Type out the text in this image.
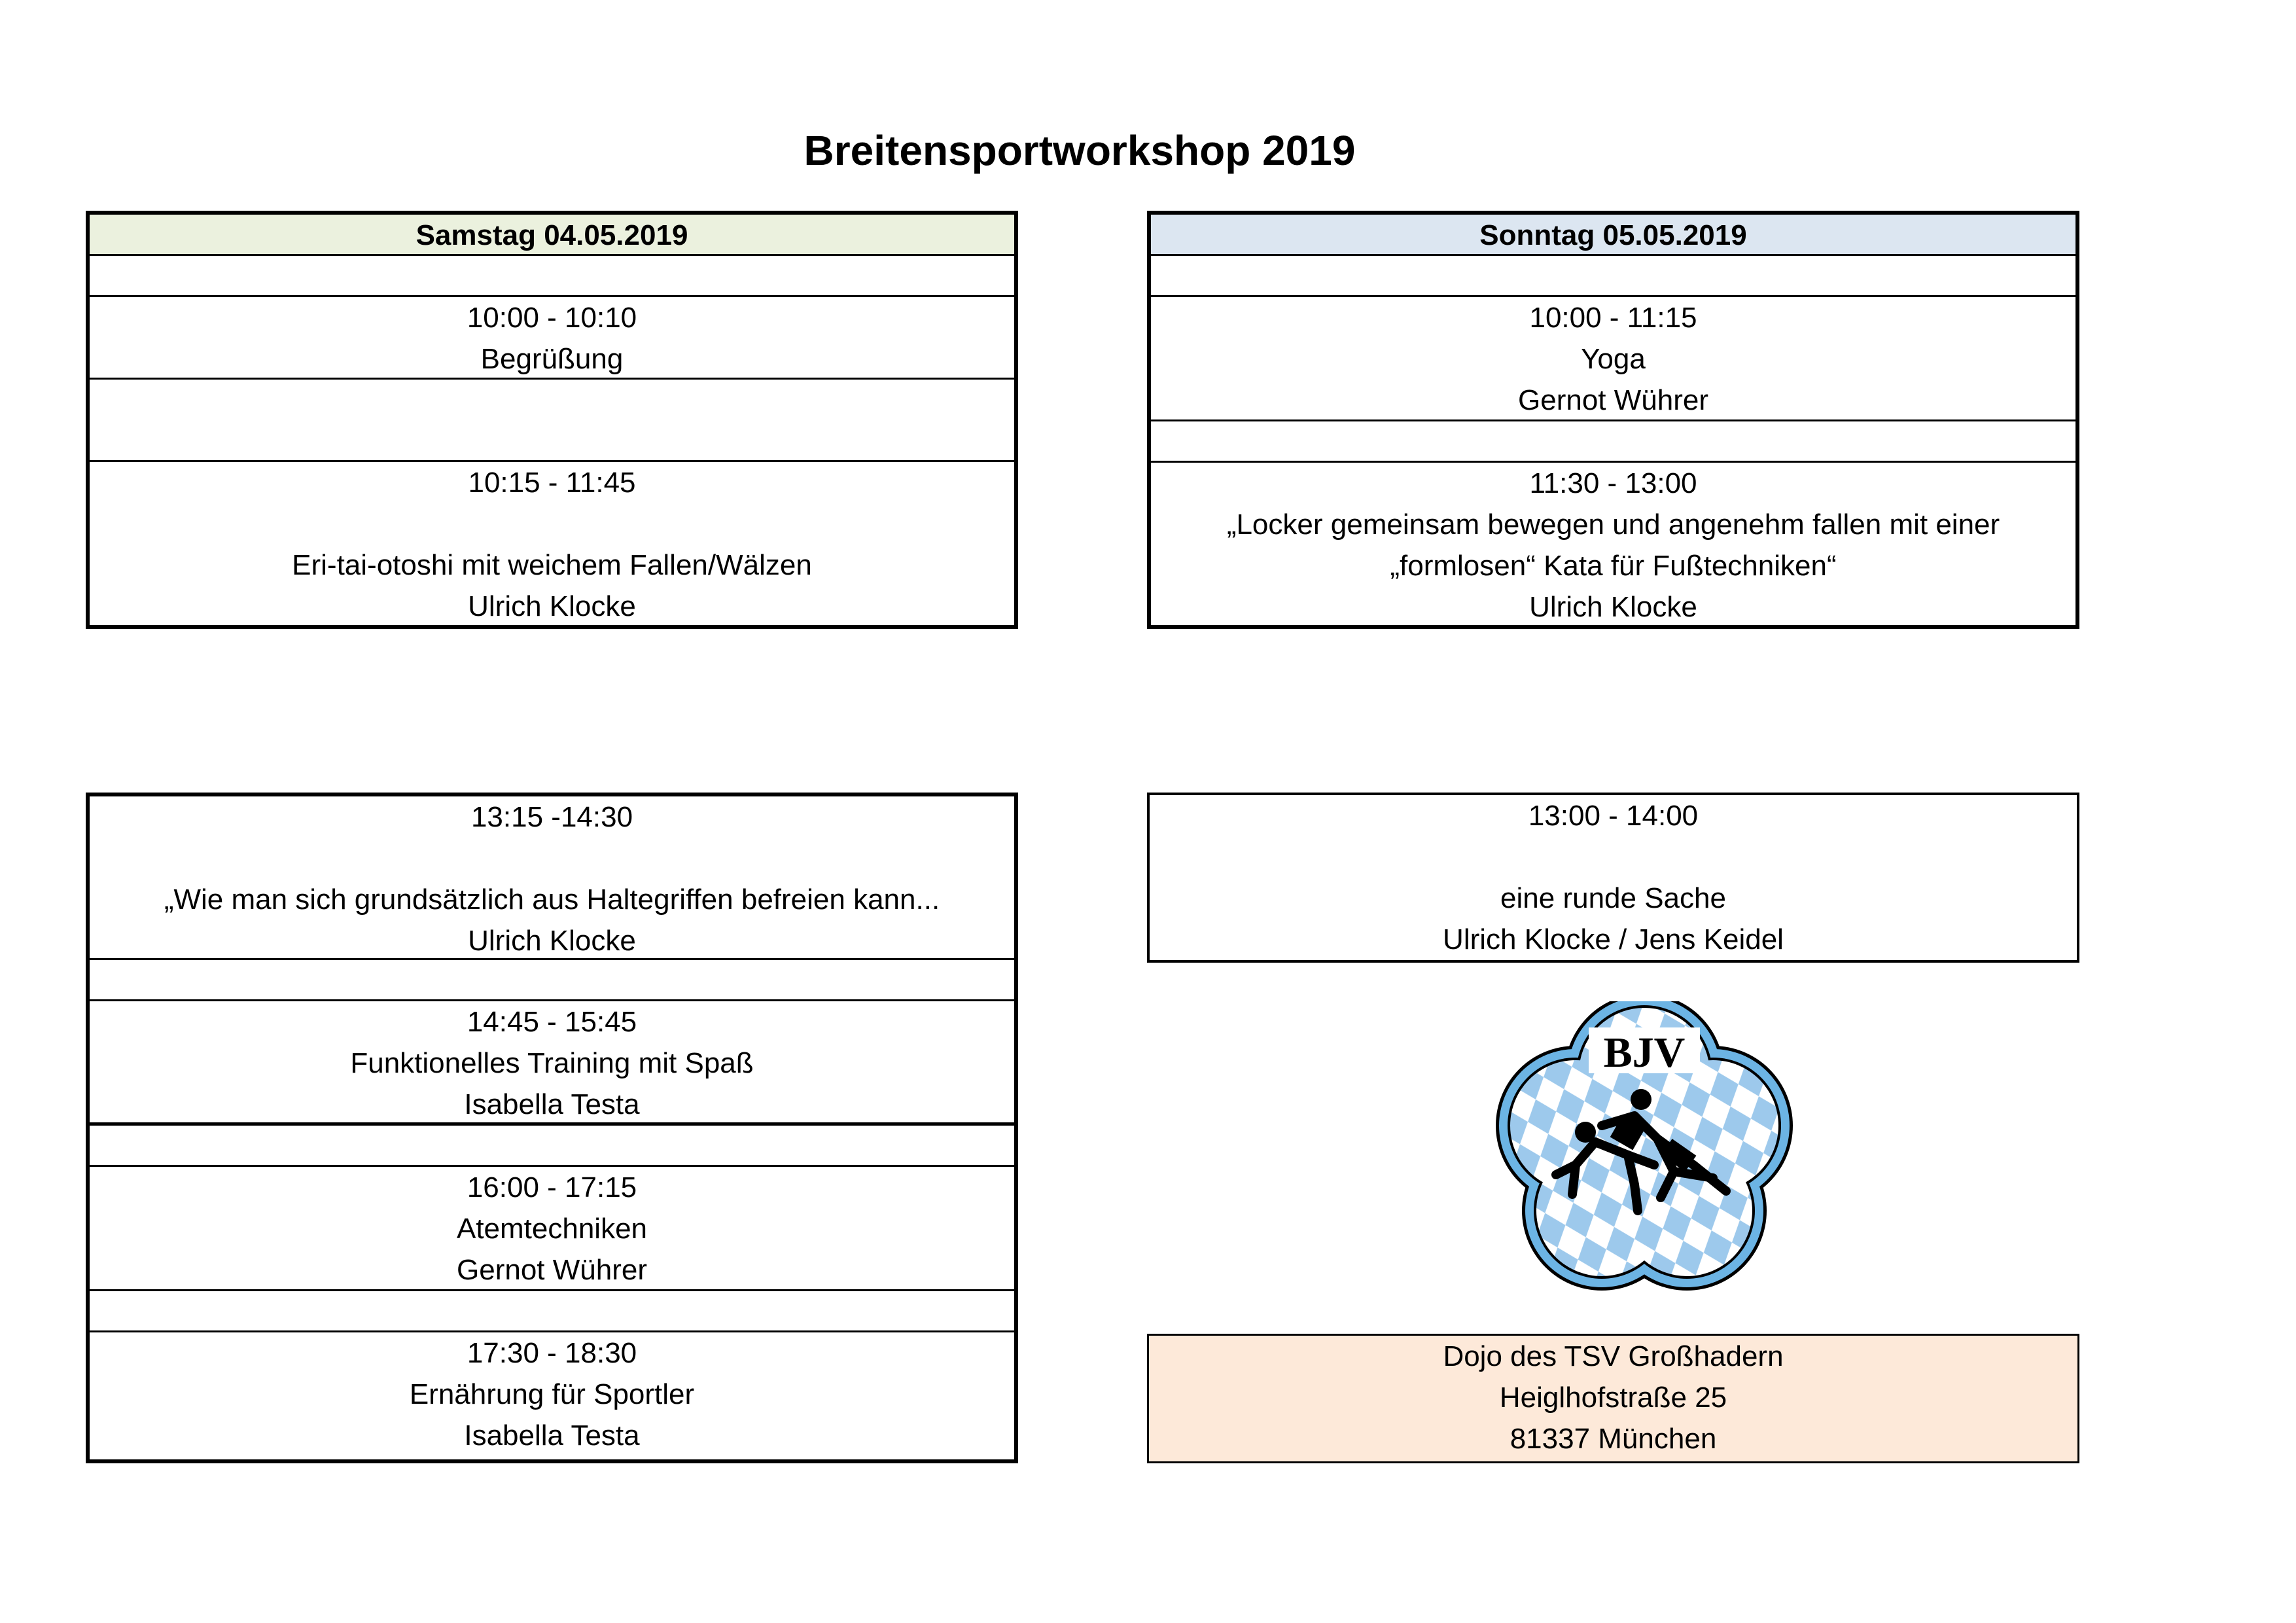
Breitensportworkshop 2019
Samstag 04.05.2019
10:00 - 10:10
Begrüßung
10:15 - 11:45
Eri-tai-otoshi mit weichem Fallen/Wälzen
Ulrich Klocke
Sonntag 05.05.2019
10:00 - 11:15
Yoga
Gernot Wührer
11:30 - 13:00
„Locker gemeinsam bewegen und angenehm fallen mit einer
„formlosen“ Kata für Fußtechniken“
Ulrich Klocke
13:15 -14:30
„Wie man sich grundsätzlich aus Haltegriffen befreien kann...
Ulrich Klocke
14:45 - 15:45
Funktionelles Training mit Spaß
Isabella Testa
16:00 - 17:15
Atemtechniken
Gernot Wührer
17:30 - 18:30
Ernährung für Sportler
Isabella Testa
13:00 - 14:00
eine runde Sache
Ulrich Klocke / Jens Keidel
BJV
Dojo des TSV Großhadern
Heiglhofstraße 25
81337 München
